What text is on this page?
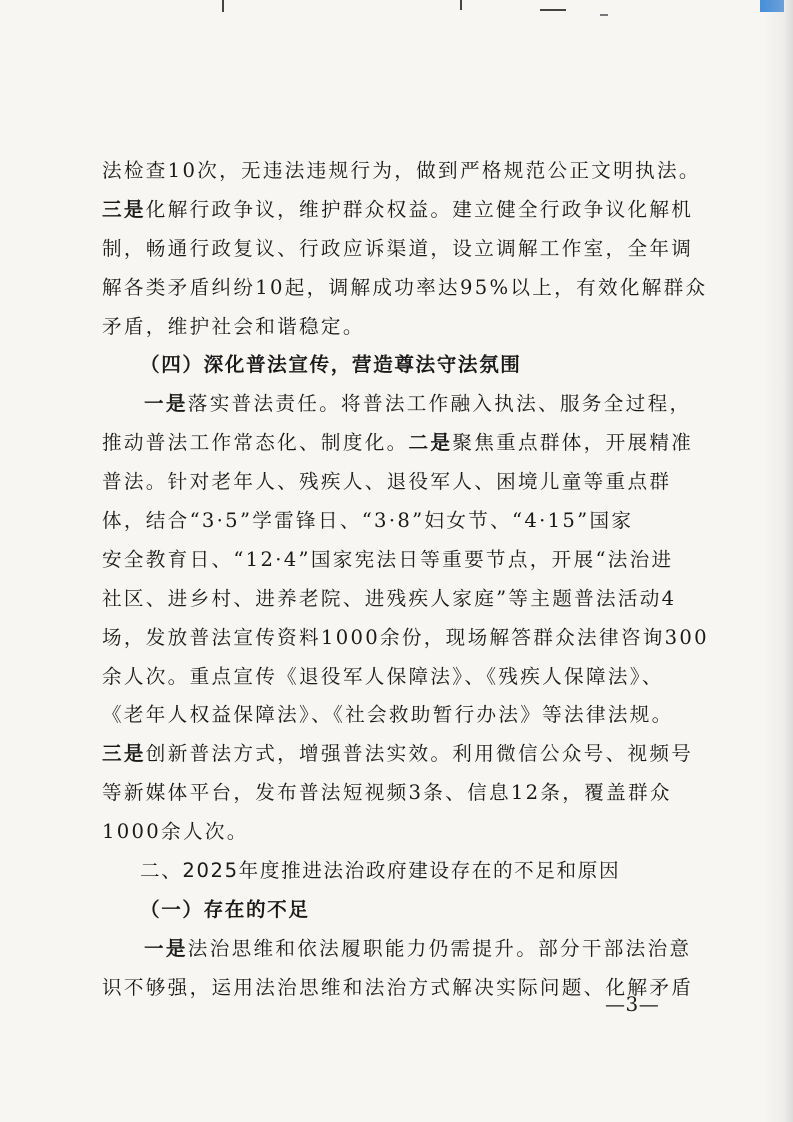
法检查10次，无违法违规行为，做到严格规范公正文明执法。
三是化解行政争议，维护群众权益。建立健全行政争议化解机
制，畅通行政复议、行政应诉渠道，设立调解工作室，全年调
解各类矛盾纠纷10起，调解成功率达95%以上，有效化解群众
矛盾，维护社会和谐稳定。
（四）深化普法宣传，营造尊法守法氛围
一是落实普法责任。将普法工作融入执法、服务全过程，
推动普法工作常态化、制度化。二是聚焦重点群体，开展精准
普法。针对老年人、残疾人、退役军人、困境儿童等重点群
体，结合“3·5”学雷锋日、“3·8”妇女节、“4·15”国家
安全教育日、“12·4”国家宪法日等重要节点，开展“法治进
社区、进乡村、进养老院、进残疾人家庭”等主题普法活动4
场，发放普法宣传资料1000余份，现场解答群众法律咨询300
余人次。重点宣传《退役军人保障法》、《残疾人保障法》、
《老年人权益保障法》、《社会救助暂行办法》等法律法规。
三是创新普法方式，增强普法实效。利用微信公众号、视频号
等新媒体平台，发布普法短视频3条、信息12条，覆盖群众
1000余人次。
二、2025年度推进法治政府建设存在的不足和原因
（一）存在的不足
一是法治思维和依法履职能力仍需提升。部分干部法治意
识不够强，运用法治思维和法治方式解决实际问题、化解矛盾
—3—
